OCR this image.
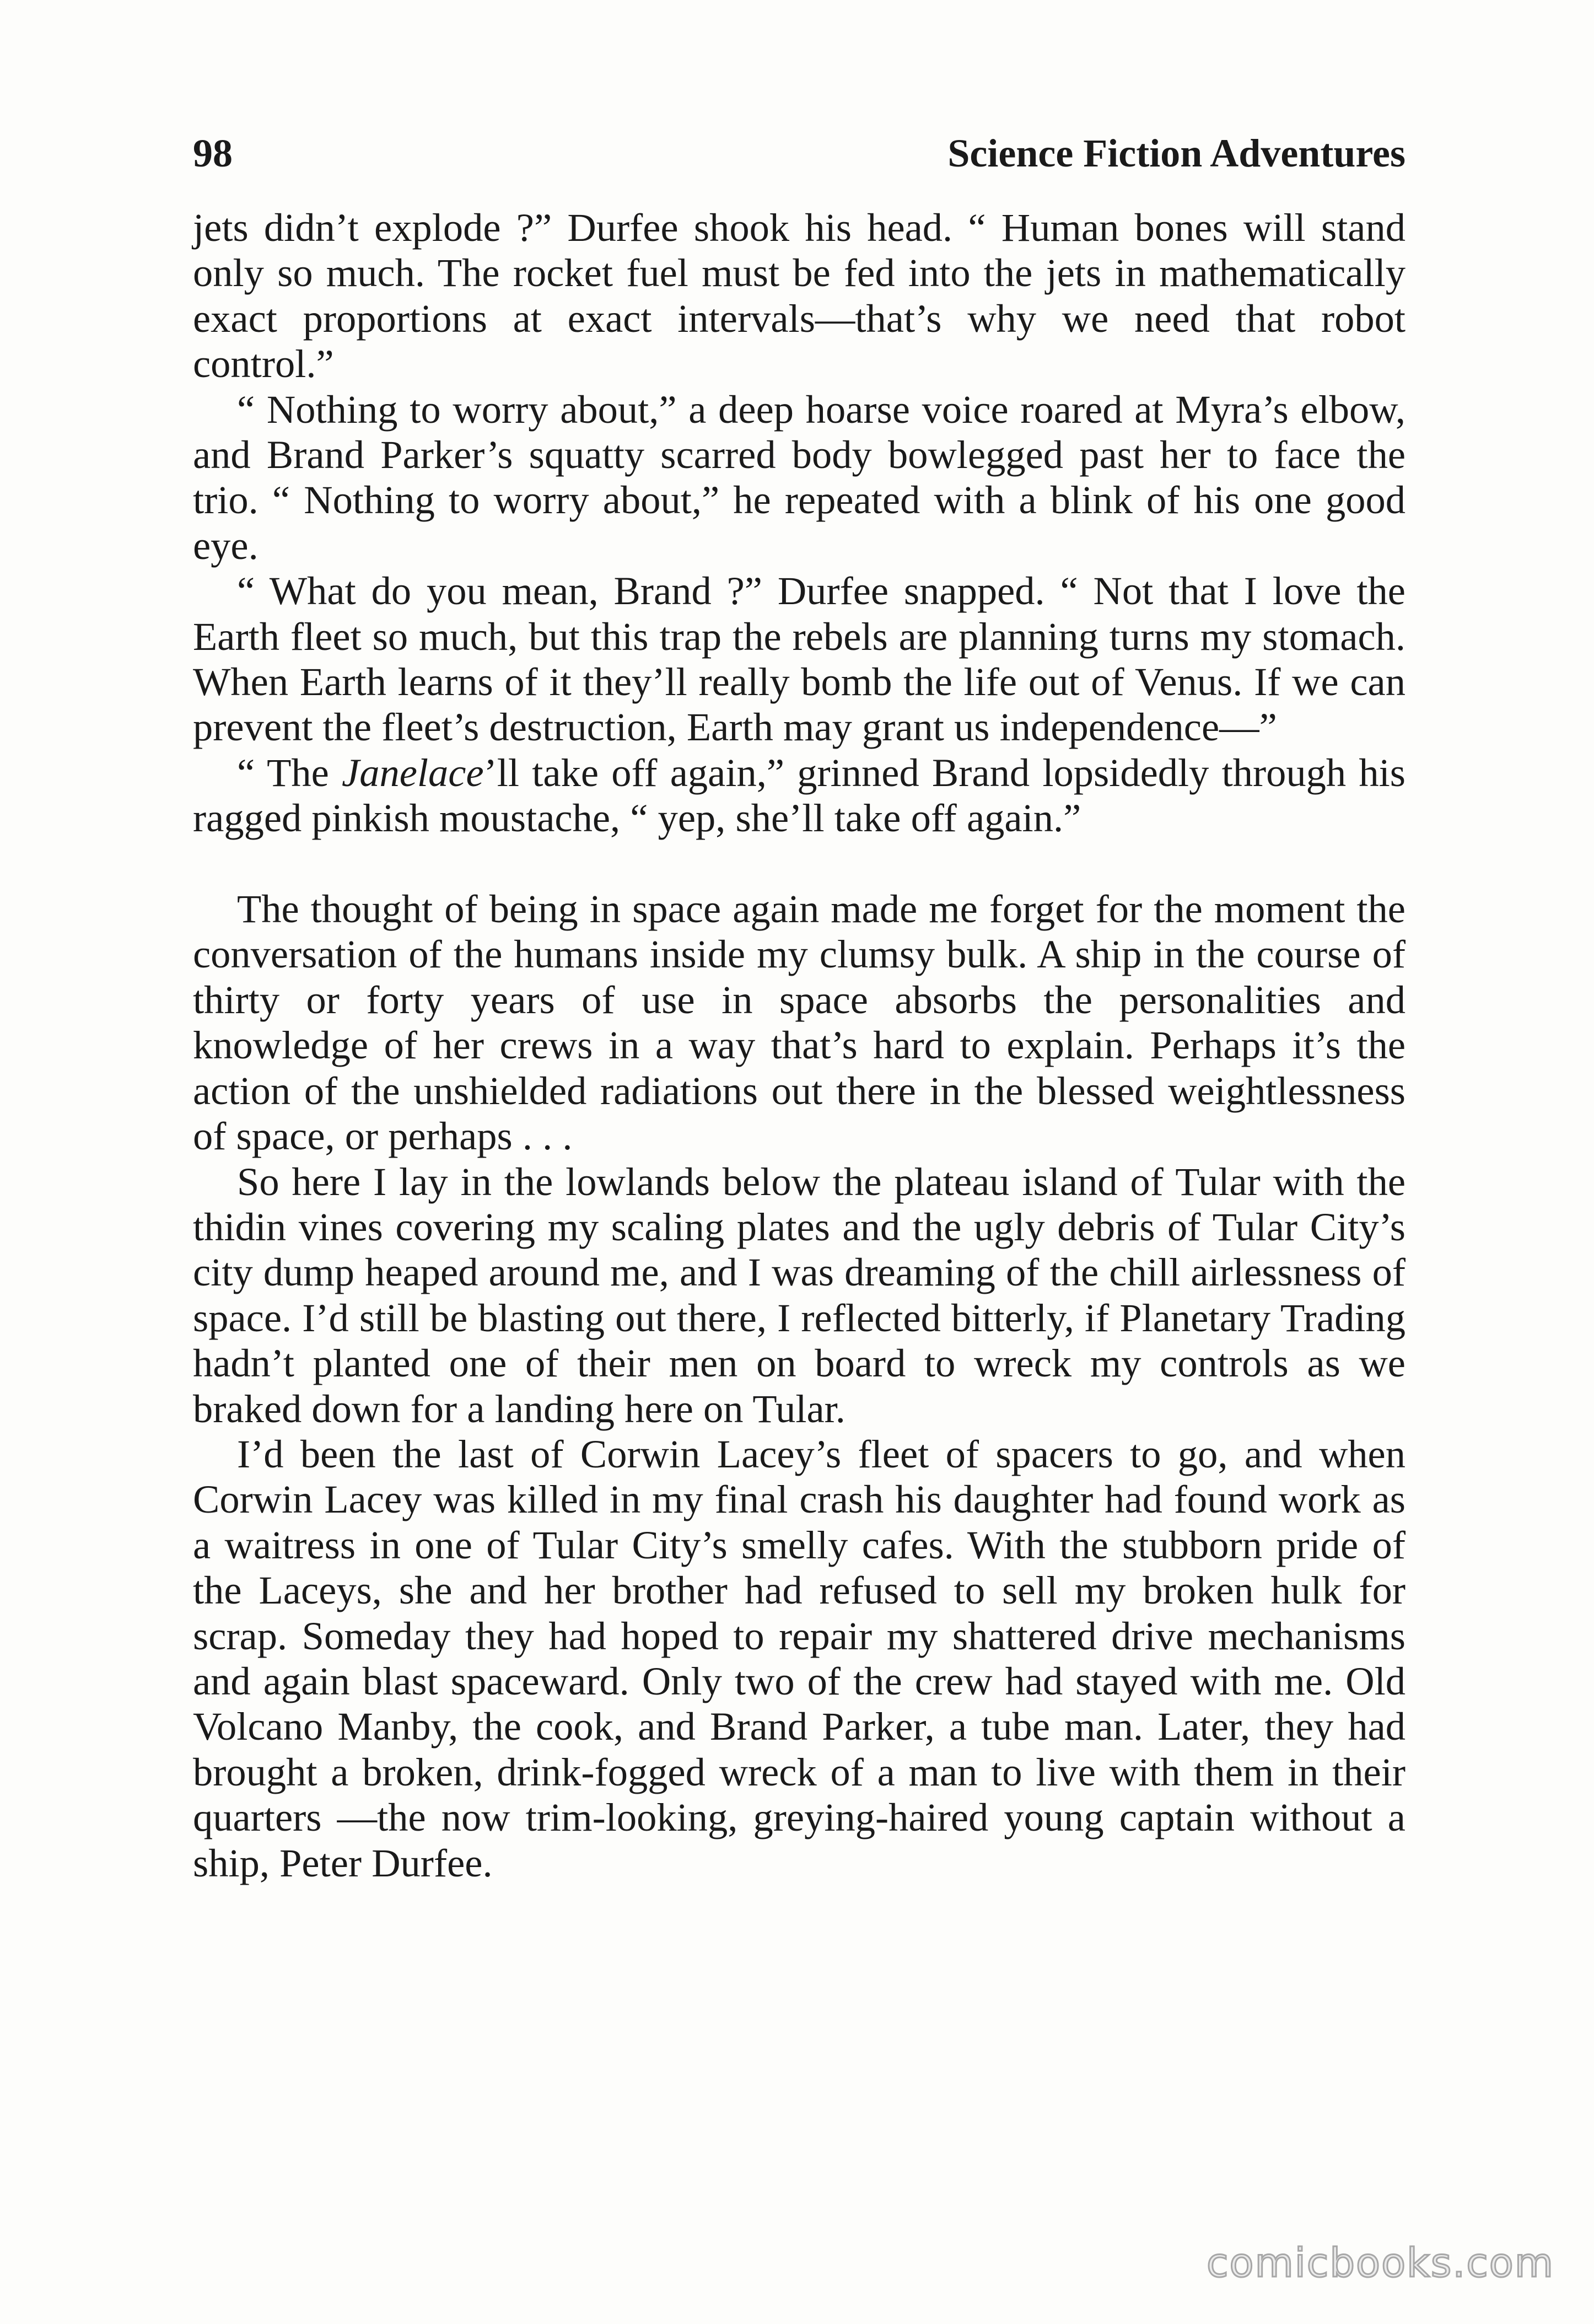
98	Science Fiction Adventures

jets didn’t explode ?” Durfee shook his head. “ Human bones will stand only so much. The rocket fuel must be fed into the jets in mathematically exact proportions at exact intervals—that’s why we need that robot control.”

“ Nothing to worry about,” a deep hoarse voice roared at Myra’s elbow, and Brand Parker’s squatty scarred body bowlegged past her to face the trio. “ Nothing to worry about,” he repeated with a blink of his one good eye.

“ What do you mean, Brand ?” Durfee snapped. “ Not that I love the Earth fleet so much, but this trap the rebels are planning turns my stomach. When Earth learns of it they’ll really bomb the life out of Venus. If we can prevent the fleet’s destruction, Earth may grant us independence—”

“ The Janelace’ll take off again,” grinned Brand lopsidedly through his ragged pinkish moustache, “ yep, she’ll take off again.”

The thought of being in space again made me forget for the moment the conversation of the humans inside my clumsy bulk. A ship in the course of thirty or forty years of use in space absorbs the personalities and knowledge of her crews in a way that’s hard to explain. Perhaps it’s the action of the unshielded radiations out there in the blessed weightlessness of space, or perhaps . . .

So here I lay in the lowlands below the plateau island of Tular with the thidin vines covering my scaling plates and the ugly debris of Tular City’s city dump heaped around me, and I was dreaming of the chill airlessness of space. I’d still be blasting out there, I reflected bitterly, if Planetary Trading hadn’t planted one of their men on board to wreck my controls as we braked down for a landing here on Tular.

I’d been the last of Corwin Lacey’s fleet of spacers to go, and when Corwin Lacey was killed in my final crash his daughter had found work as a waitress in one of Tular City’s smelly cafes. With the stubborn pride of the Laceys, she and her brother had refused to sell my broken hulk for scrap. Someday they had hoped to repair my shattered drive mechanisms and again blast spaceward. Only two of the crew had stayed with me. Old Volcano Manby, the cook, and Brand Parker, a tube man. Later, they had brought a broken, drink-fogged wreck of a man to live with them in their quarters —the now trim-looking, greying-haired young captain without a ship, Peter Durfee.

comicbooks.com
